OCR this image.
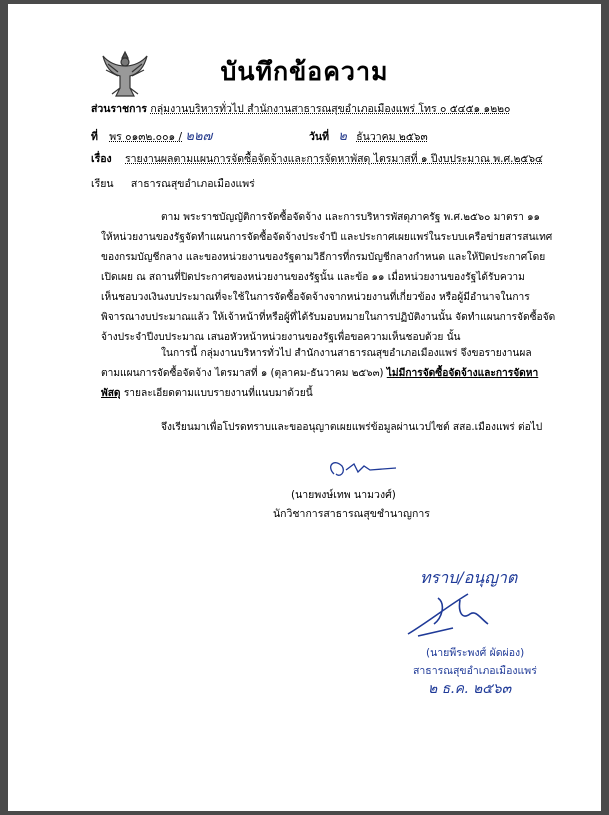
บันทึกข้อความ
ส่วนราชการ กลุ่มงานบริหารทั่วไป สำนักงานสาธารณสุขอำเภอเมืองแพร่ โทร ๐ ๕๔๕๑ ๑๒๒๐
ที่ พร ๐๑๓๒.๐๐๑ / ๒๒๗	วันที่ ๒ ธันวาคม ๒๕๖๓
เรื่อง รายงานผลตามแผนการจัดซื้อจัดจ้างและการจัดหาพัสดุ ไตรมาสที่ ๑ ปีงบประมาณ พ.ศ.๒๕๖๔
เรียน สาธารณสุขอำเภอเมืองแพร่
ตาม พระราชบัญญัติการจัดซื้อจัดจ้าง และการบริหารพัสดุภาครัฐ พ.ศ.๒๕๖๐ มาตรา ๑๑
ให้หน่วยงานของรัฐจัดทำแผนการจัดซื้อจัดจ้างประจำปี และประกาศเผยแพร่ในระบบเครือข่ายสารสนเทศ
ของกรมบัญชีกลาง และของหน่วยงานของรัฐตามวิธีการที่กรมบัญชีกลางกำหนด และให้ปิดประกาศโดย
เปิดเผย ณ สถานที่ปิดประกาศของหน่วยงานของรัฐนั้น และข้อ ๑๑ เมื่อหน่วยงานของรัฐได้รับความ
เห็นชอบวงเงินงบประมาณที่จะใช้ในการจัดซื้อจัดจ้างจากหน่วยงานที่เกี่ยวข้อง หรือผู้มีอำนาจในการ
พิจารณางบประมาณแล้ว ให้เจ้าหน้าที่หรือผู้ที่ได้รับมอบหมายในการปฏิบัติงานนั้น จัดทำแผนการจัดซื้อจัด
จ้างประจำปีงบประมาณ เสนอหัวหน้าหน่วยงานของรัฐเพื่อขอความเห็นชอบด้วย นั้น
ในการนี้ กลุ่มงานบริหารทั่วไป สำนักงานสาธารณสุขอำเภอเมืองแพร่ จึงขอรายงานผล
ตามแผนการจัดซื้อจัดจ้าง ไตรมาสที่ ๑ (ตุลาคม-ธันวาคม ๒๕๖๓) ไม่มีการจัดซื้อจัดจ้างและการจัดหา
พัสดุ รายละเอียดตามแบบรายงานที่แนบมาด้วยนี้
จึงเรียนมาเพื่อโปรดทราบและขออนุญาตเผยแพร่ข้อมูลผ่านเวปไซต์ สสอ.เมืองแพร่ ต่อไป
(นายพงษ์เทพ นามวงศ์)
นักวิชาการสาธารณสุขชำนาญการ
ทราบ/อนุญาต
(นายพีระพงศ์ ผัดผ่อง)
สาธารณสุขอำเภอเมืองแพร่
๒ ธ.ค. ๒๕๖๓
